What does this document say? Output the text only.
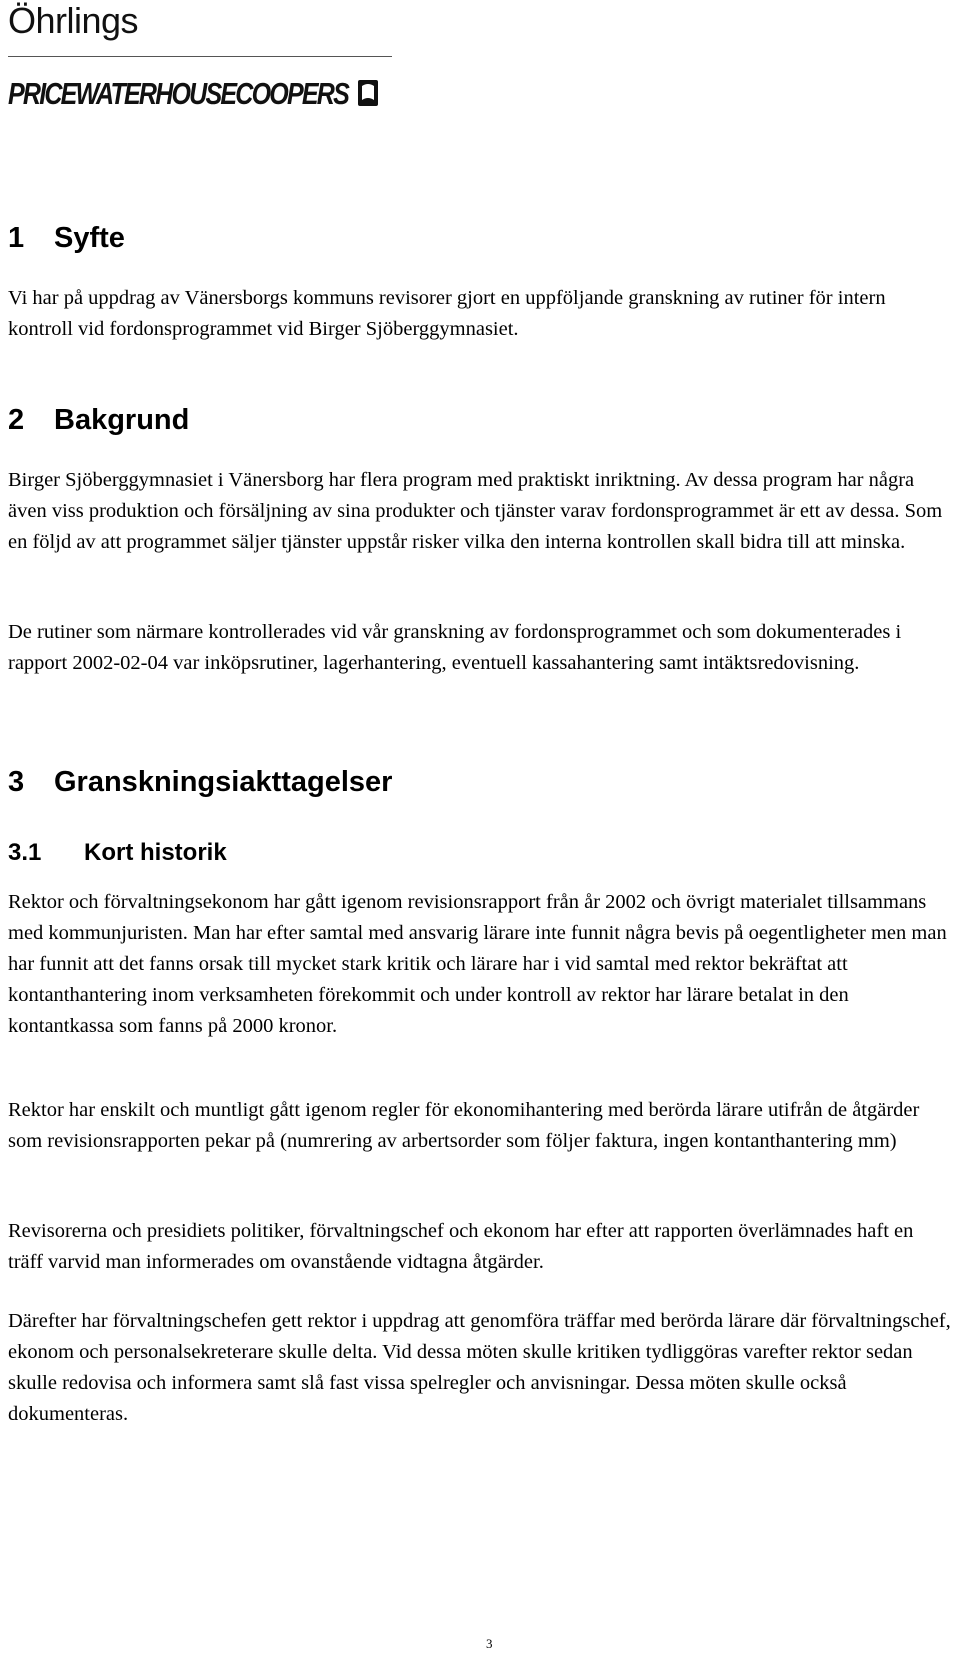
Öhrlings
PRICEWATERHOUSECOOPERS
1 Syfte

Vi har på uppdrag av Vänersborgs kommuns revisorer gjort en uppföljande granskning av rutiner för intern kontroll vid fordonsprogrammet vid Birger Sjöberggymnasiet.

2 Bakgrund

Birger Sjöberggymnasiet i Vänersborg har flera program med praktiskt inriktning. Av dessa program har några även viss produktion och försäljning av sina produkter och tjänster varav fordonsprogrammet är ett av dessa. Som en följd av att programmet säljer tjänster uppstår risker vilka den interna kontrollen skall bidra till att minska.

De rutiner som närmare kontrollerades vid vår granskning av fordonsprogrammet och som dokumenterades i rapport 2002-02-04 var inköpsrutiner, lagerhantering, eventuell kassahantering samt intäktsredovisning.

3 Granskningsiakttagelser
3.1 Kort historik

Rektor och förvaltningsekonom har gått igenom revisionsrapport från år 2002 och övrigt materialet tillsammans med kommunjuristen. Man har efter samtal med ansvarig lärare inte funnit några bevis på oegentligheter men man har funnit att det fanns orsak till mycket stark kritik och lärare har i vid samtal med rektor bekräftat att kontanthantering inom verksamheten förekommit och under kontroll av rektor har lärare betalat in den kontantkassa som fanns på 2000 kronor.

Rektor har enskilt och muntligt gått igenom regler för ekonomihantering med berörda lärare utifrån de åtgärder som revisionsrapporten pekar på (numrering av arbertsorder som följer faktura, ingen kontanthantering mm)

Revisorerna och presidiets politiker, förvaltningschef och ekonom har efter att rapporten överlämnades haft en träff varvid man informerades om ovanstående vidtagna åtgärder.

Därefter har förvaltningschefen gett rektor i uppdrag att genomföra träffar med berörda lärare där förvaltningschef, ekonom och personalsekreterare skulle delta. Vid dessa möten skulle kritiken tydliggöras varefter rektor sedan skulle redovisa och informera samt slå fast vissa spelregler och anvisningar. Dessa möten skulle också dokumenteras.

3
